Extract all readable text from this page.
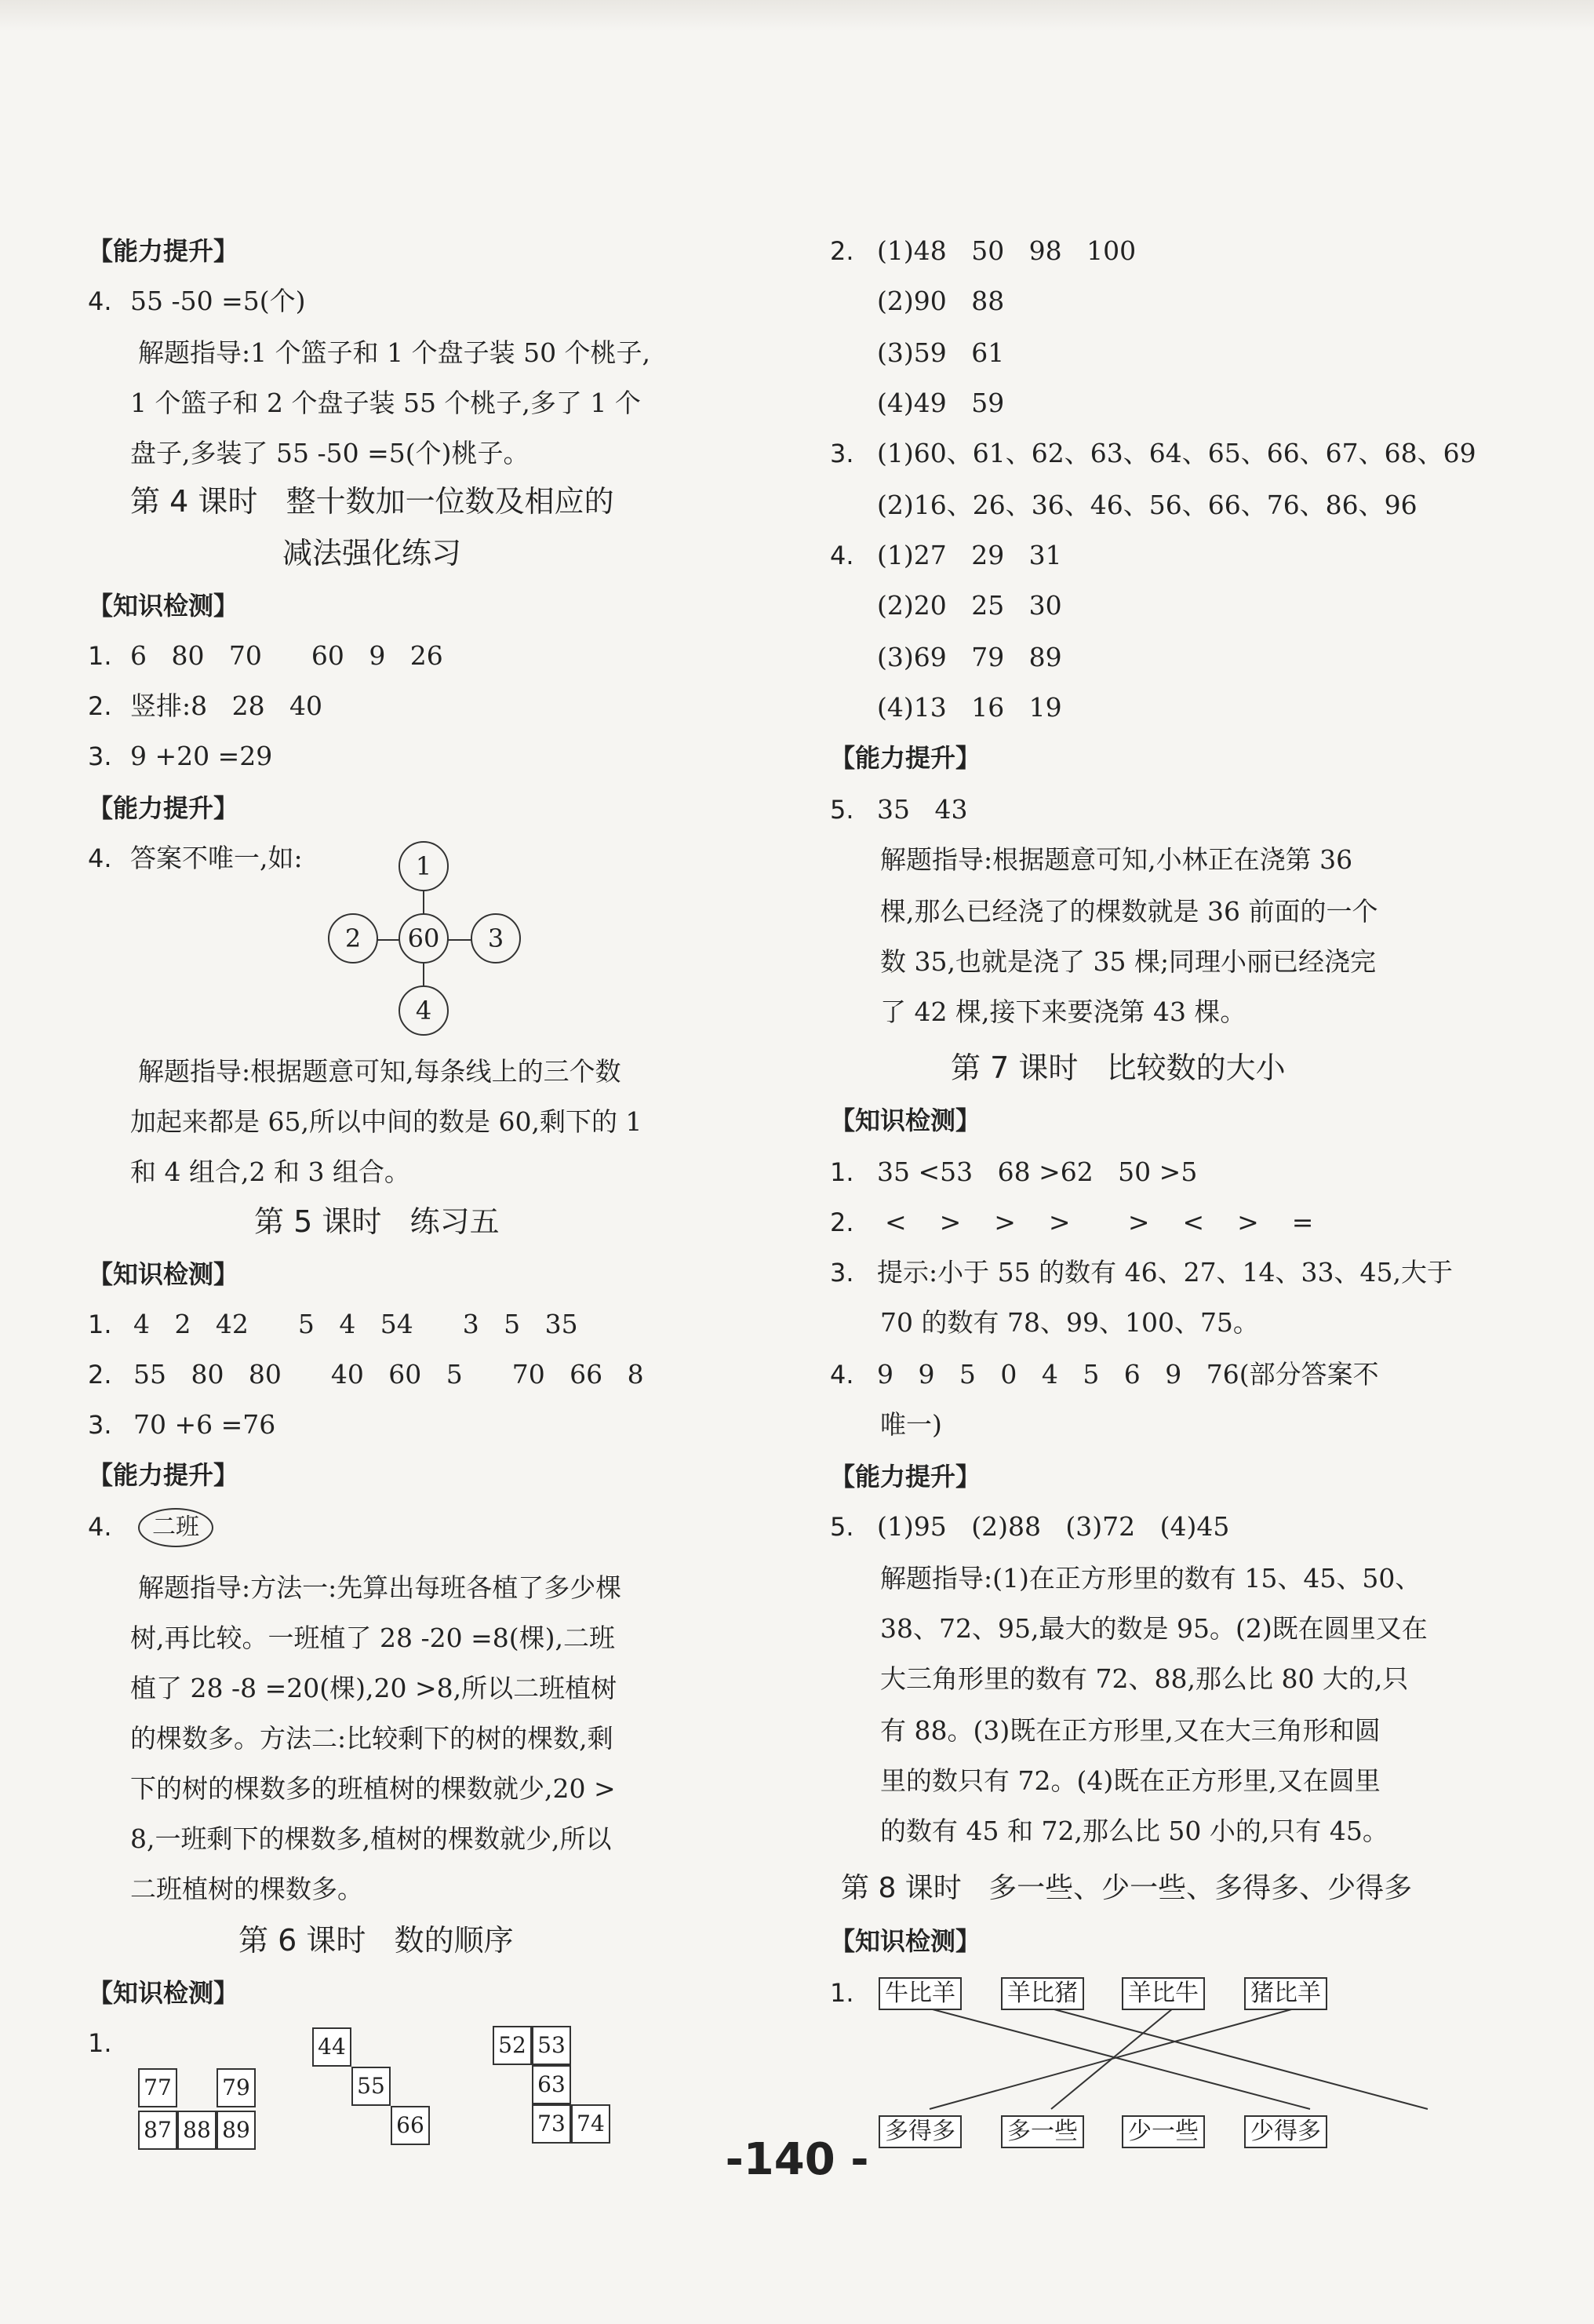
【能力提升】
4. 55 -50 =5(个)
解题指导:1 个篮子和 1 个盘子装 50 个桃子,
1 个篮子和 2 个盘子装 55 个桃子,多了 1 个
盘子,多装了 55 -50 =5(个)桃子。
第 4 课时   整十数加一位数及相应的
减法强化练习
【知识检测】
1. 6   80   70      60   9   26
2. 竖排:8   28   40
3. 9 +20 =29
【能力提升】
4. 答案不唯一,如:	1
2	60	3
4
解题指导:根据题意可知,每条线上的三个数
加起来都是 65,所以中间的数是 60,剩下的 1
和 4 组合,2 和 3 组合。
第 5 课时   练习五
【知识检测】
1. 4   2   42      5   4   54      3   5   35
2. 55   80   80      40   60   5      70   66   8
3. 70 +6 =76
【能力提升】
4.	二班
解题指导:方法一:先算出每班各植了多少棵
树,再比较。一班植了 28 -20 =8(棵),二班
植了 28 -8 =20(棵),20 >8,所以二班植树
的棵数多。方法二:比较剩下的树的棵数,剩
下的树的棵数多的班植树的棵数就少,20 >
8,一班剩下的棵数多,植树的棵数就少,所以
二班植树的棵数多。
第 6 课时   数的顺序
【知识检测】
1.
77 79
87 88 89
44
55
66
52 53
63
73 74
2. (1)48   50   98   100
(2)90   88
(3)59   61
(4)49   59
3. (1)60、61、62、63、64、65、66、67、68、69
(2)16、26、36、46、56、66、76、86、96
4. (1)27   29   31
(2)20   25   30
(3)69   79   89
(4)13   16   19
【能力提升】
5. 35   43
解题指导:根据题意可知,小林正在浇第 36
棵,那么已经浇了的棵数就是 36 前面的一个
数 35,也就是浇了 35 棵;同理小丽已经浇完
了 42 棵,接下来要浇第 43 棵。
第 7 课时   比较数的大小
【知识检测】
1. 35 <53   68 >62   50 >5
2. <    >    >    >       >    <    >    =
3. 提示:小于 55 的数有 46、27、14、33、45,大于
70 的数有 78、99、100、75。
4. 9   9   5   0   4   5   6   9   76(部分答案不
唯一)
【能力提升】
5. (1)95   (2)88   (3)72   (4)45
解题指导:(1)在正方形里的数有 15、45、50、
38、72、95,最大的数是 95。(2)既在圆里又在
大三角形里的数有 72、88,那么比 80 大的,只
有 88。(3)既在正方形里,又在大三角形和圆
里的数只有 72。(4)既在正方形里,又在圆里
的数有 45 和 72,那么比 50 小的,只有 45。
第 8 课时   多一些、少一些、多得多、少得多
【知识检测】
1. 牛比羊 羊比猪 羊比牛 猪比羊
多得多 多一些 少一些 少得多
-140 -
